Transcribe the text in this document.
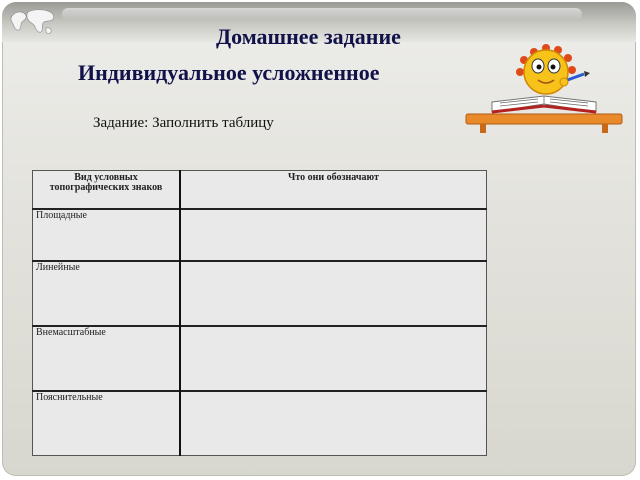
Домашнее задание
Индивидуальное усложненное
Задание: Заполнить таблицу
Вид условных топографических знаков	Что они обозначают
Площадные	
Линейные	
Внемасштабные	
Пояснительные	
